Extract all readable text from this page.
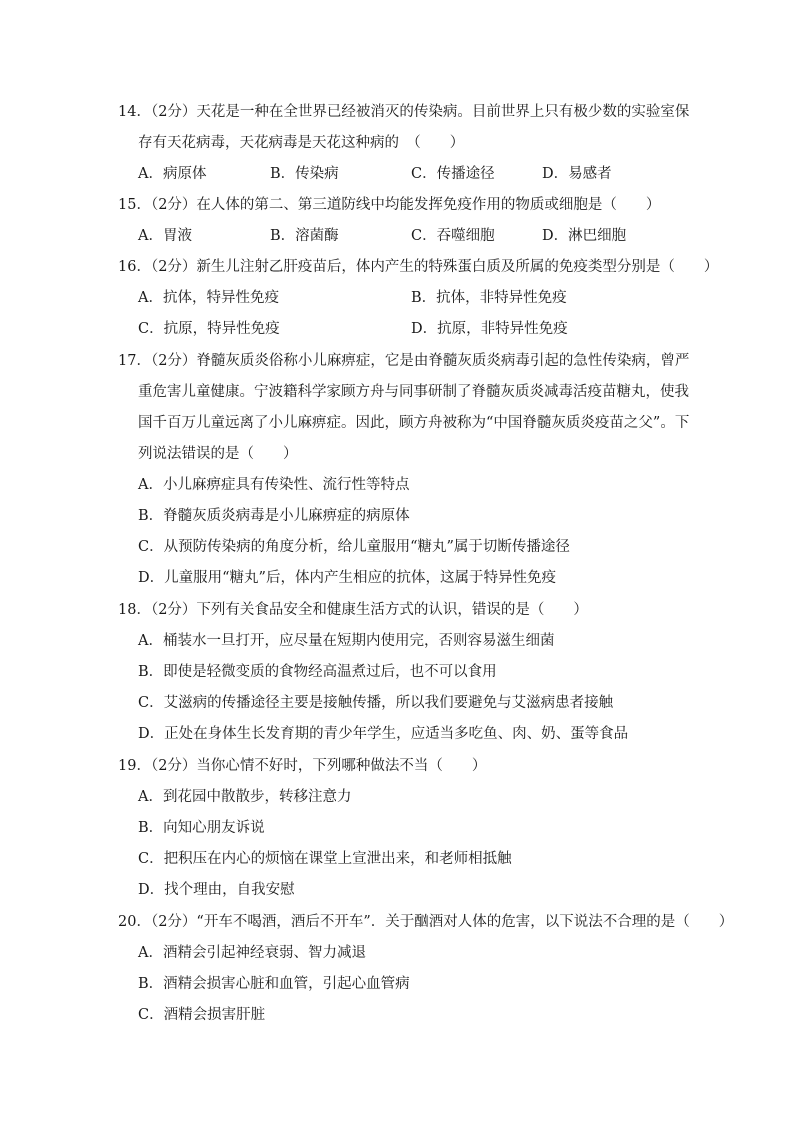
14．（2分）天花是一种在全世界已经被消灭的传染病。目前世界上只有极少数的实验室保
存有天花病毒，天花病毒是天花这种病的　（　　）
A．病原体	B．传染病	C．传播途径	D．易感者
15．（2分）在人体的第二、第三道防线中均能发挥免疫作用的物质或细胞是（　　）
A．胃液	B．溶菌酶	C．吞噬细胞	D．淋巴细胞
16．（2分）新生儿注射乙肝疫苗后，体内产生的特殊蛋白质及所属的免疫类型分别是（　　）
A．抗体，特异性免疫	B．抗体，非特异性免疫
C．抗原，特异性免疫	D．抗原，非特异性免疫
17．（2分）脊髓灰质炎俗称小儿麻痹症，它是由脊髓灰质炎病毒引起的急性传染病，曾严
重危害儿童健康。宁波籍科学家顾方舟与同事研制了脊髓灰质炎减毒活疫苗糖丸，使我
国千百万儿童远离了小儿麻痹症。因此，顾方舟被称为“中国脊髓灰质炎疫苗之父”。下
列说法错误的是（　　）
A．小儿麻痹症具有传染性、流行性等特点
B．脊髓灰质炎病毒是小儿麻痹症的病原体
C．从预防传染病的角度分析，给儿童服用“糖丸”属于切断传播途径
D．儿童服用“糖丸”后，体内产生相应的抗体，这属于特异性免疫
18．（2分）下列有关食品安全和健康生活方式的认识，错误的是（　　）
A．桶装水一旦打开，应尽量在短期内使用完，否则容易滋生细菌
B．即使是轻微变质的食物经高温煮过后，也不可以食用
C．艾滋病的传播途径主要是接触传播，所以我们要避免与艾滋病患者接触
D．正处在身体生长发育期的青少年学生，应适当多吃鱼、肉、奶、蛋等食品
19．（2分）当你心情不好时，下列哪种做法不当（　　）
A．到花园中散散步，转移注意力
B．向知心朋友诉说
C．把积压在内心的烦恼在课堂上宣泄出来，和老师相抵触
D．找个理由，自我安慰
20．（2分）“开车不喝酒，酒后不开车”．关于酗酒对人体的危害，以下说法不合理的是（　　）
A．酒精会引起神经衰弱、智力减退
B．酒精会损害心脏和血管，引起心血管病
C．酒精会损害肝脏
